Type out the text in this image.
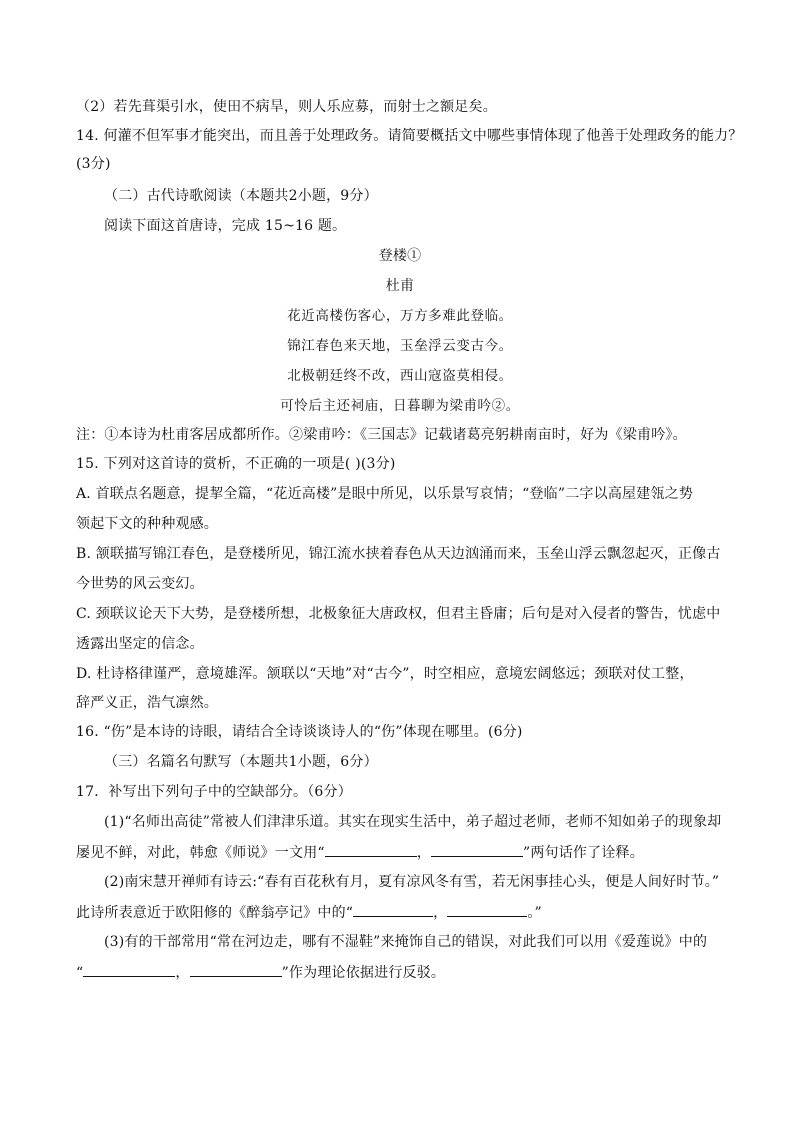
（2）若先葺渠引水，使田不病旱，则人乐应募，而射士之额足矣。
14. 何灌不但军事才能突出，而且善于处理政务。请简要概括文中哪些事情体现了他善于处理政务的能力？
(3分)
（二）古代诗歌阅读（本题共2小题，9分）
阅读下面这首唐诗，完成 15~16 题。
登楼①
杜甫
花近高楼伤客心，万方多难此登临。
锦江春色来天地，玉垒浮云变古今。
北极朝廷终不改，西山寇盗莫相侵。
可怜后主还祠庙，日暮聊为梁甫吟②。
注：①本诗为杜甫客居成都所作。②梁甫吟：《三国志》记载诸葛亮躬耕南亩时，好为《梁甫吟》。
15. 下列对这首诗的赏析，不正确的一项是( )(3分)
A. 首联点名题意，提挈全篇，“花近高楼”是眼中所见，以乐景写哀情；“登临”二字以高屋建瓴之势
领起下文的种种观感。
B. 颔联描写锦江春色，是登楼所见，锦江流水挟着春色从天边汹涌而来，玉垒山浮云飘忽起灭，正像古
今世势的风云变幻。
C. 颈联议论天下大势，是登楼所想，北极象征大唐政权，但君主昏庸；后句是对入侵者的警告，忧虑中
透露出坚定的信念。
D. 杜诗格律谨严，意境雄浑。颔联以“天地”对“古今”，时空相应，意境宏阔悠远；颈联对仗工整，
辞严义正，浩气凛然。
16. “伤”是本诗的诗眼，请结合全诗谈谈诗人的“伤”体现在哪里。(6分)
（三）名篇名句默写（本题共1小题，6分）
17．补写出下列句子中的空缺部分。（6分）
(1)“名师出高徒”常被人们津津乐道。其实在现实生活中，弟子超过老师，老师不知如弟子的现象却
屡见不鲜，对此，韩愈《师说》一文用“	，	”两句话作了诠释。
(2)南宋慧开禅师有诗云:“春有百花秋有月，夏有凉风冬有雪，若无闲事挂心头，便是人间好时节。”
此诗所表意近于欧阳修的《醉翁亭记》中的“	，	。”
(3)有的干部常用“常在河边走，哪有不湿鞋”来掩饰自己的错误，对此我们可以用《爱莲说》中的
“	，	”作为理论依据进行反驳。
